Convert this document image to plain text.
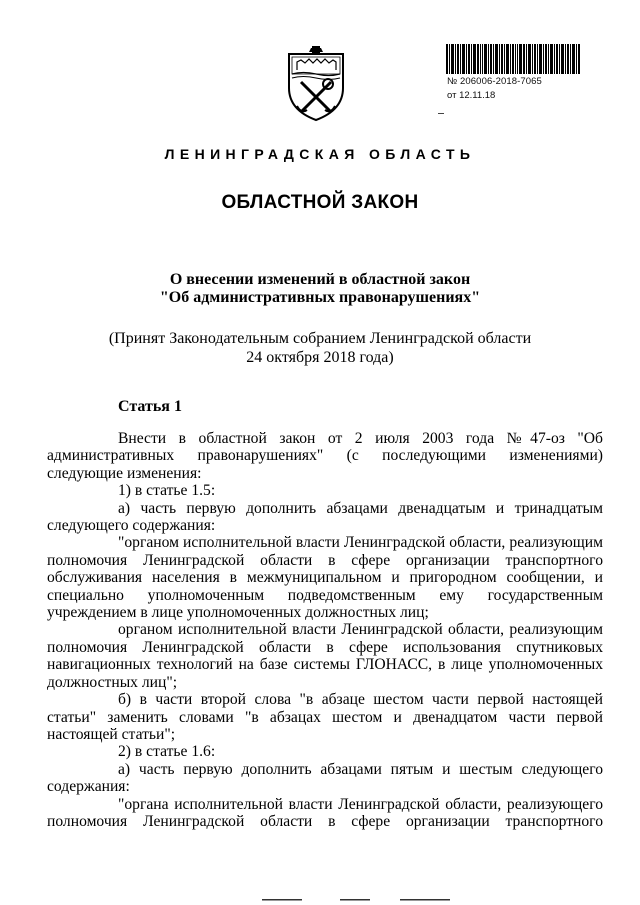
№ 206006-2018-7065
от 12.11.18
ЛЕНИНГРАДСКАЯ ОБЛАСТЬ
ОБЛАСТНОЙ ЗАКОН
О внесении изменений в областной закон
"Об административных правонарушениях"
(Принят Законодательным собранием Ленинградской области
24 октября 2018 года)
Статья 1

Внести в областной закон от 2 июля 2003 года №47-оз "Об административных правонарушениях" (с последующими изменениями) следующие изменения:

1) в статье 1.5:

а) часть первую дополнить абзацами двенадцатым и тринадцатым следующего содержания:

"органом исполнительной власти Ленинградской области, реализующим полномочия Ленинградской области в сфере организации транспортного обслуживания населения в межмуниципальном и пригородном сообщении, и специально уполномоченным подведомственным ему государственным учреждением в лице уполномоченных должностных лиц;

органом исполнительной власти Ленинградской области, реализующим полномочия Ленинградской области в сфере использования спутниковых навигационных технологий на базе системы ГЛОНАСС, в лице уполномоченных должностных лиц";

б) в части второй слова "в абзаце шестом части первой настоящей статьи" заменить словами "в абзацах шестом и двенадцатом части первой настоящей статьи";

2) в статье 1.6:

а) часть первую дополнить абзацами пятым и шестым следующего содержания:

"органа исполнительной власти Ленинградской области, реализующего полномочия Ленинградской области в сфере организации транспортного
